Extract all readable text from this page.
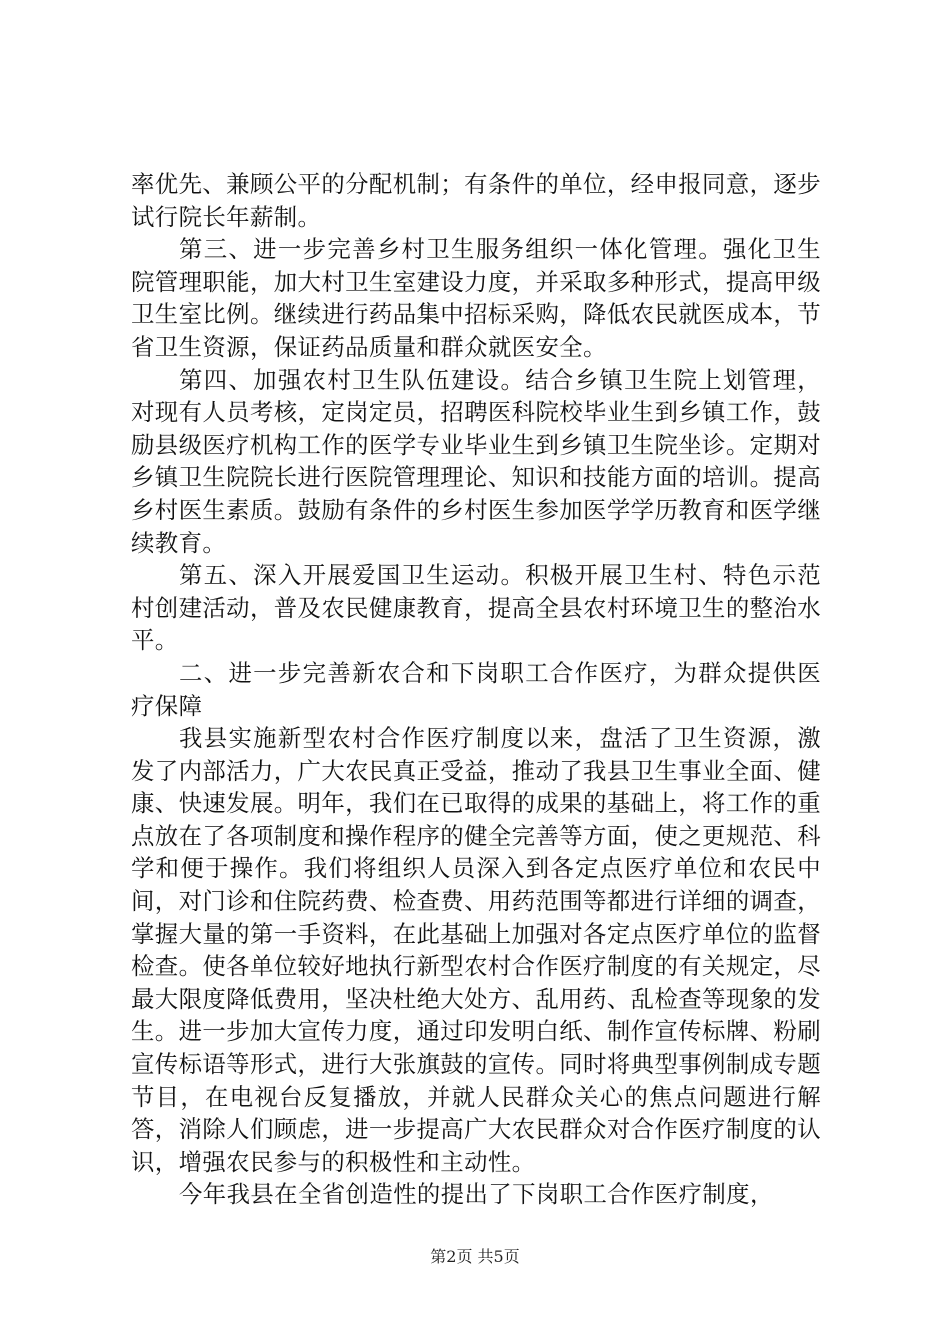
率优先、兼顾公平的分配机制；有条件的单位，经申报同意，逐步试行院长年薪制。

第三、进一步完善乡村卫生服务组织一体化管理。强化卫生院管理职能，加大村卫生室建设力度，并采取多种形式，提高甲级卫生室比例。继续进行药品集中招标采购，降低农民就医成本，节省卫生资源，保证药品质量和群众就医安全。

第四、加强农村卫生队伍建设。结合乡镇卫生院上划管理，对现有人员考核，定岗定员，招聘医科院校毕业生到乡镇工作，鼓励县级医疗机构工作的医学专业毕业生到乡镇卫生院坐诊。定期对乡镇卫生院院长进行医院管理理论、知识和技能方面的培训。提高乡村医生素质。鼓励有条件的乡村医生参加医学学历教育和医学继续教育。

第五、深入开展爱国卫生运动。积极开展卫生村、特色示范村创建活动，普及农民健康教育，提高全县农村环境卫生的整治水平。

二、进一步完善新农合和下岗职工合作医疗，为群众提供医疗保障

我县实施新型农村合作医疗制度以来，盘活了卫生资源，激发了内部活力，广大农民真正受益，推动了我县卫生事业全面、健康、快速发展。明年，我们在已取得的成果的基础上，将工作的重点放在了各项制度和操作程序的健全完善等方面，使之更规范、科学和便于操作。我们将组织人员深入到各定点医疗单位和农民中间，对门诊和住院药费、检查费、用药范围等都进行详细的调查，掌握大量的第一手资料，在此基础上加强对各定点医疗单位的监督检查。使各单位较好地执行新型农村合作医疗制度的有关规定，尽最大限度降低费用，坚决杜绝大处方、乱用药、乱检查等现象的发生。进一步加大宣传力度，通过印发明白纸、制作宣传标牌、粉刷宣传标语等形式，进行大张旗鼓的宣传。同时将典型事例制成专题节目，在电视台反复播放，并就人民群众关心的焦点问题进行解答，消除人们顾虑，进一步提高广大农民群众对合作医疗制度的认识，增强农民参与的积极性和主动性。

今年我县在全省创造性的提出了下岗职工合作医疗制度，

第2页 共5页
